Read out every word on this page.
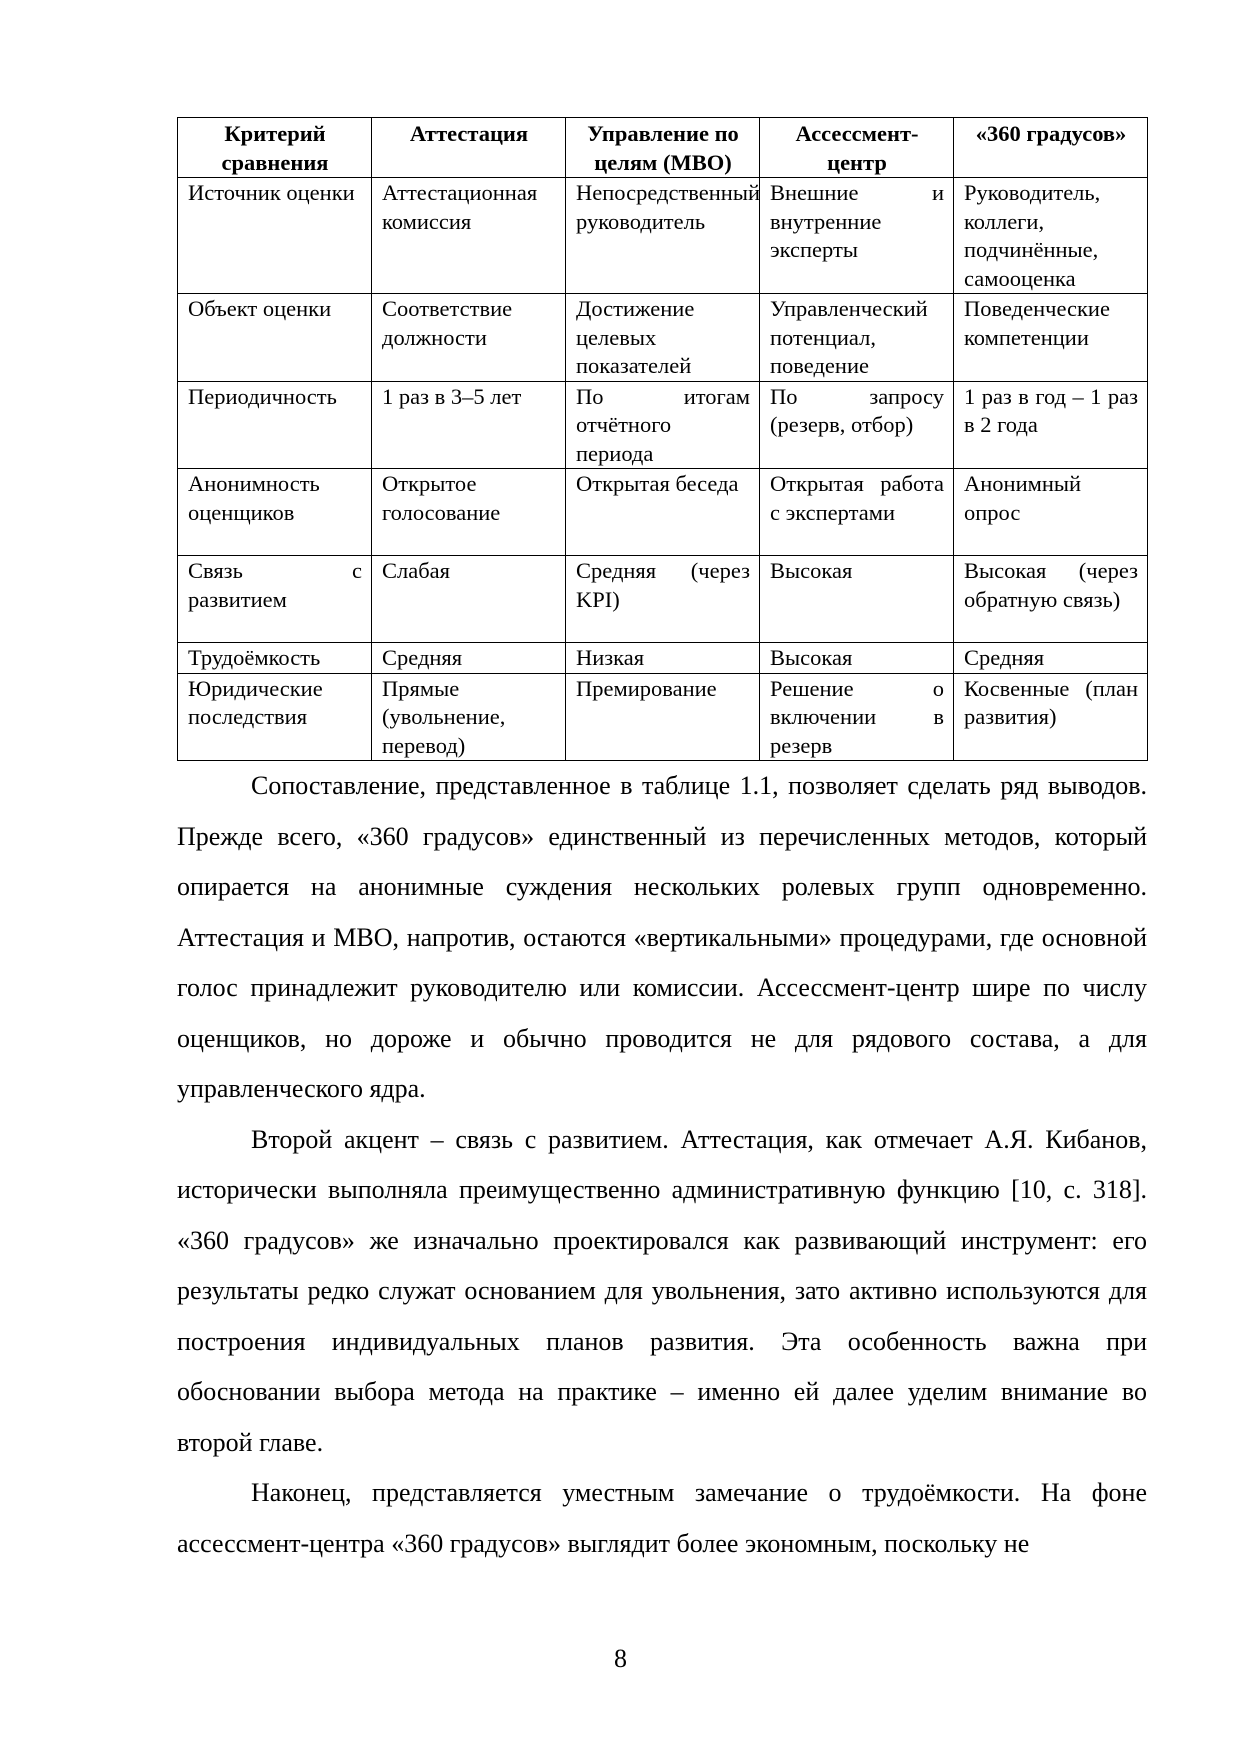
Критерий сравнения	Аттестация	Управление по целям (MBO)	Ассессмент-центр	«360 градусов»
Источник оценки	Аттестационная комиссия	Непосредственный руководитель	Внешние и внутренние эксперты	Руководитель, коллеги, подчинённые, самооценка
Объект оценки	Соответствие должности	Достижение целевых показателей	Управленческий потенциал, поведение	Поведенческие компетенции
Периодичность	1 раз в 3–5 лет	По итогам отчётного периода	По запросу (резерв, отбор)	1 раз в год – 1 раз в 2 года
Анонимность оценщиков	Открытое голосование	Открытая беседа	Открытая работа с экспертами	Анонимный опрос
Связь с развитием	Слабая	Средняя (через KPI)	Высокая	Высокая (через обратную связь)
Трудоёмкость	Средняя	Низкая	Высокая	Средняя
Юридические последствия	Прямые (увольнение, перевод)	Премирование	Решение о включении в резерв	Косвенные (план развития)

Сопоставление, представленное в таблице 1.1, позволяет сделать ряд выводов. Прежде всего, «360 градусов» единственный из перечисленных методов, который опирается на анонимные суждения нескольких ролевых групп одновременно. Аттестация и MBO, напротив, остаются «вертикальными» процедурами, где основной голос принадлежит руководителю или комиссии. Ассессмент-центр шире по числу оценщиков, но дороже и обычно проводится не для рядового состава, а для управленческого ядра.

Второй акцент – связь с развитием. Аттестация, как отмечает А.Я. Кибанов, исторически выполняла преимущественно административную функцию [10, с. 318]. «360 градусов» же изначально проектировался как развивающий инструмент: его результаты редко служат основанием для увольнения, зато активно используются для построения индивидуальных планов развития. Эта особенность важна при обосновании выбора метода на практике – именно ей далее уделим внимание во второй главе.

Наконец, представляется уместным замечание о трудоёмкости. На фоне ассессмент-центра «360 градусов» выглядит более экономным, поскольку не

8
